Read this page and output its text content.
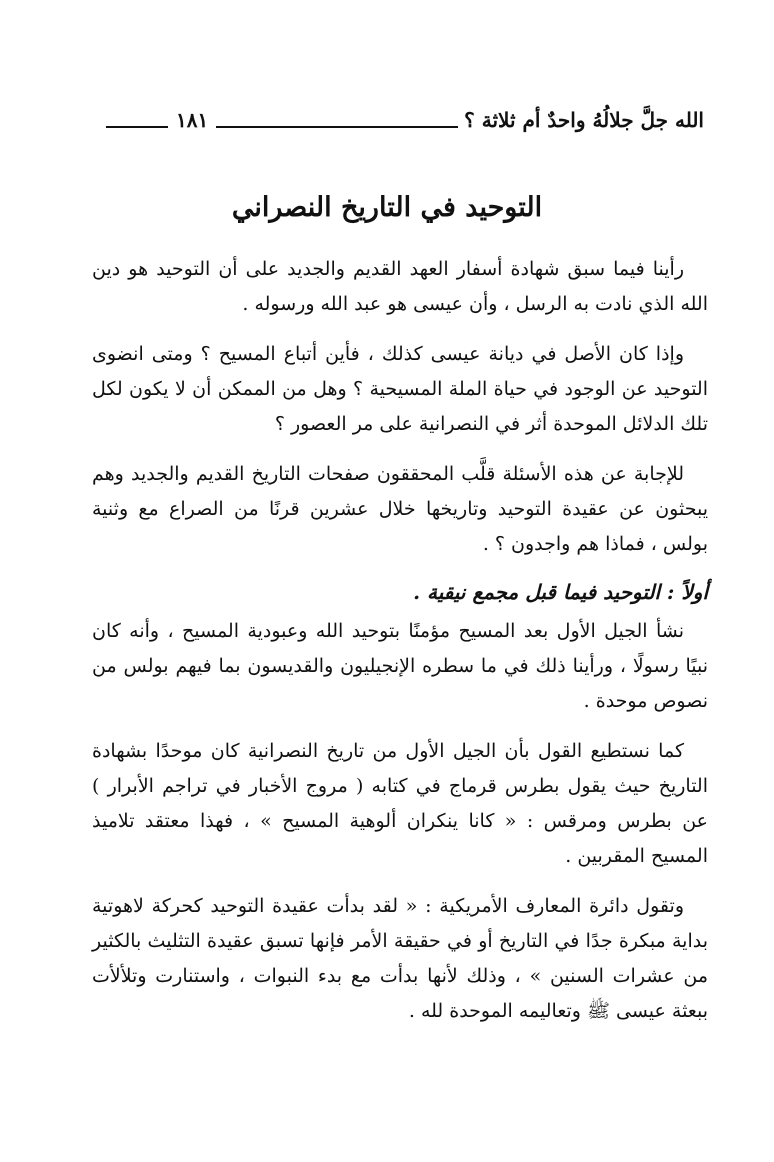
الله جلَّ جلالُهُ واحدٌ أم ثلاثة ؟
١٨١
التوحيد في التاريخ النصراني

رأينا فيما سبق شهادة أسفار العهد القديم والجديد على أن التوحيد هو دين الله الذي نادت به الرسل ، وأن عيسى هو عبد الله ورسوله .

وإذا كان الأصل في ديانة عيسى كذلك ، فأين أتباع المسيح ؟ ومتى انضوى التوحيد عن الوجود في حياة الملة المسيحية ؟ وهل من الممكن أن لا يكون لكل تلك الدلائل الموحدة أثر في النصرانية على مر العصور ؟

للإجابة عن هذه الأسئلة قلَّب المحققون صفحات التاريخ القديم والجديد وهم يبحثون عن عقيدة التوحيد وتاريخها خلال عشرين قرنًا من الصراع مع وثنية بولس ، فماذا هم واجدون ؟ .

أولاً : التوحيد فيما قبل مجمع نيقية .

نشأ الجيل الأول بعد المسيح مؤمنًا بتوحيد الله وعبودية المسيح ، وأنه كان نبيًا رسولًا ، ورأينا ذلك في ما سطره الإنجيليون والقديسون بما فيهم بولس من نصوص موحدة .

كما نستطيع القول بأن الجيل الأول من تاريخ النصرانية كان موحدًا بشهادة التاريخ حيث يقول بطرس قرماج في كتابه ( مروج الأخبار في تراجم الأبرار ) عن بطرس ومرقس : « كانا ينكران ألوهية المسيح » ، فهذا معتقد تلاميذ المسيح المقربين .

وتقول دائرة المعارف الأمريكية : « لقد بدأت عقيدة التوحيد كحركة لاهوتية بداية مبكرة جدًا في التاريخ أو في حقيقة الأمر فإنها تسبق عقيدة التثليث بالكثير من عشرات السنين » ، وذلك لأنها بدأت مع بدء النبوات ، واستنارت وتلألأت ببعثة عيسى ﷺ وتعاليمه الموحدة لله .
